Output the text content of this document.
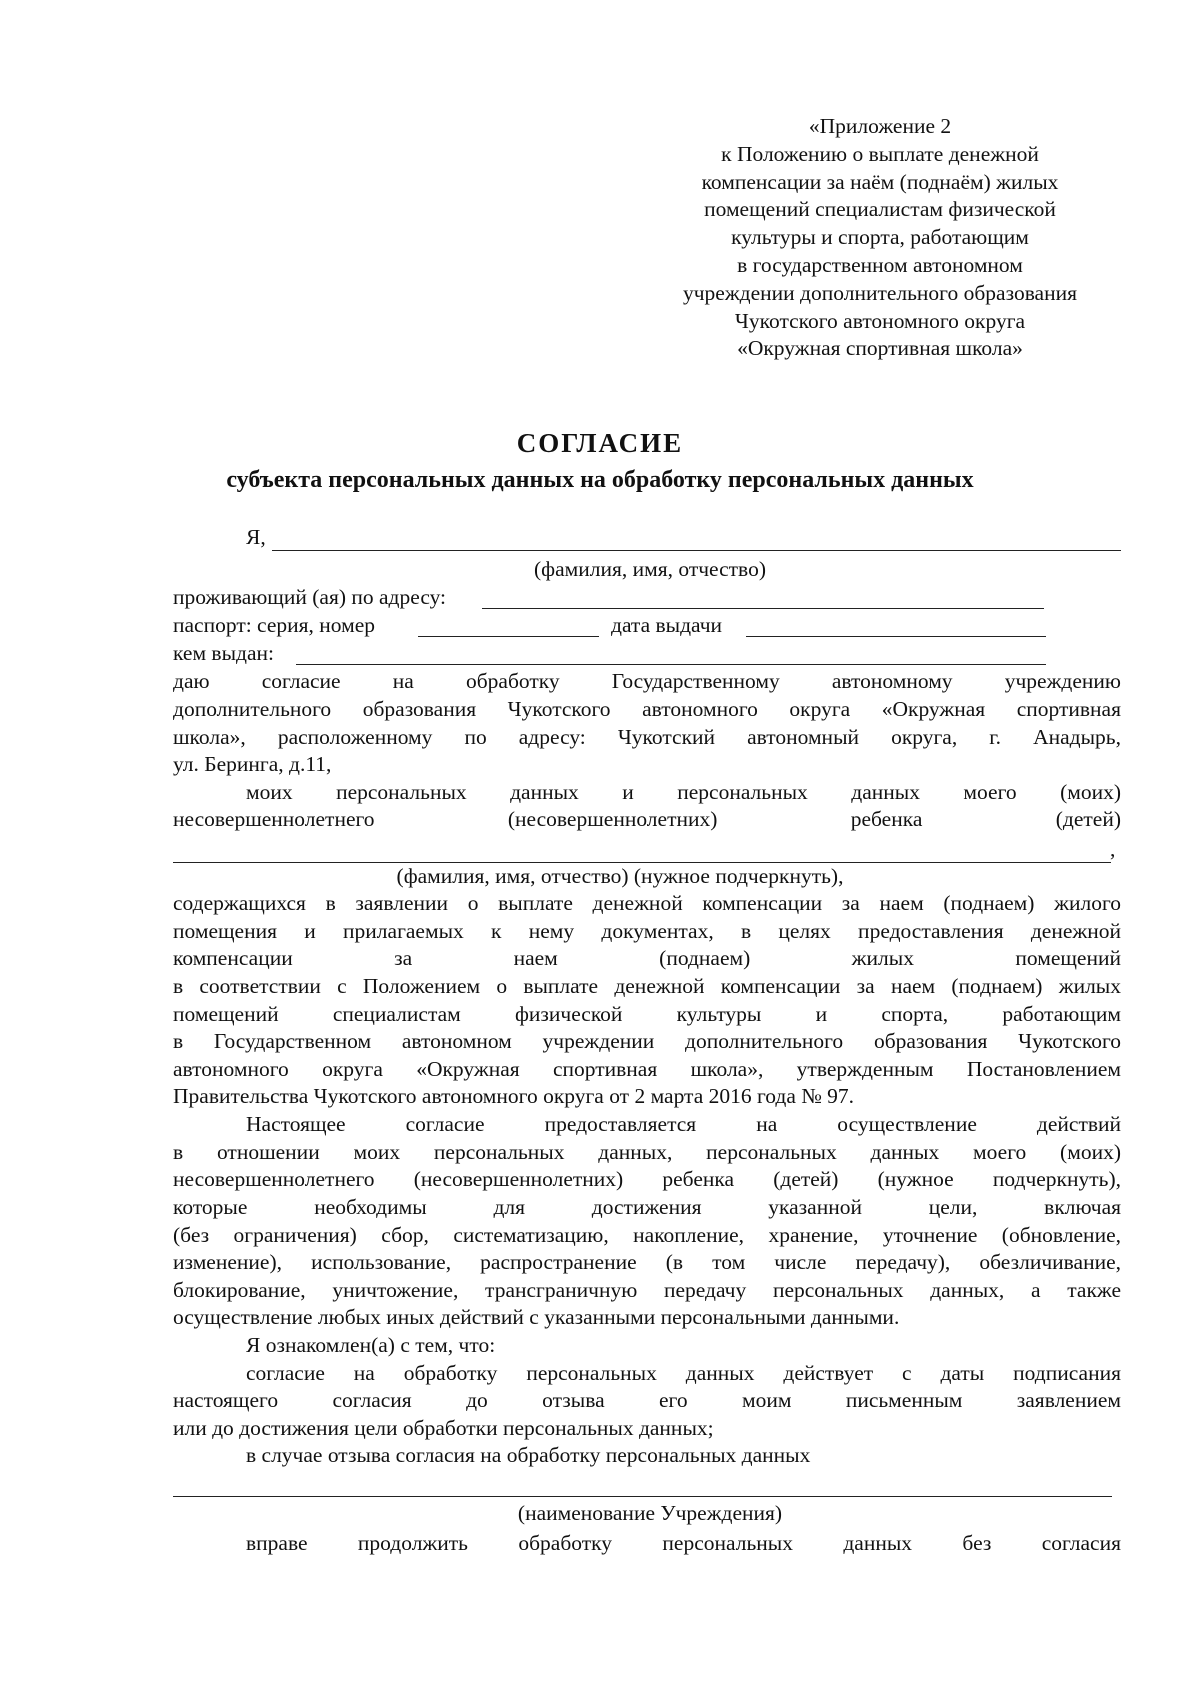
«Приложение 2
к Положению о выплате денежной
компенсации за наём (поднаём) жилых
помещений специалистам физической
культуры и спорта, работающим
в государственном автономном
учреждении дополнительного образования
Чукотского автономного округа
«Окружная спортивная школа»
СОГЛАСИЕ
субъекта персональных данных на обработку персональных данных
Я,
(фамилия, имя, отчество)
проживающий (ая) по адресу:
паспорт: серия, номер	дата выдачи
кем выдан:
даю согласие на обработку Государственному автономному учреждению
дополнительного образования Чукотского автономного округа «Окружная спортивная
школа», расположенному по адресу: Чукотский автономный округа, г. Анадырь,
ул. Беринга, д.11,
моих персональных данных и персональных данных моего (моих)
несовершеннолетнего (несовершеннолетних) ребенка (детей)
,
(фамилия, имя, отчество) (нужное подчеркнуть),
содержащихся в заявлении о выплате денежной компенсации за наем (поднаем) жилого
помещения и прилагаемых к нему документах, в целях предоставления денежной
компенсации за наем (поднаем) жилых помещений
в соответствии с Положением о выплате денежной компенсации за наем (поднаем) жилых
помещений специалистам физической культуры и спорта, работающим
в Государственном автономном учреждении дополнительного образования Чукотского
автономного округа «Окружная спортивная школа», утвержденным Постановлением
Правительства Чукотского автономного округа от 2 марта 2016 года № 97.
Настоящее согласие предоставляется на осуществление действий
в отношении моих персональных данных, персональных данных моего (моих)
несовершеннолетнего (несовершеннолетних) ребенка (детей) (нужное подчеркнуть),
которые необходимы для достижения указанной цели, включая
(без ограничения) сбор, систематизацию, накопление, хранение, уточнение (обновление,
изменение), использование, распространение (в том числе передачу), обезличивание,
блокирование, уничтожение, трансграничную передачу персональных данных, а также
осуществление любых иных действий с указанными персональными данными.
Я ознакомлен(а) с тем, что:
согласие на обработку персональных данных действует с даты подписания
настоящего согласия до отзыва его моим письменным заявлением
или до достижения цели обработки персональных данных;
в случае отзыва согласия на обработку персональных данных
(наименование Учреждения)
вправе продолжить обработку персональных данных без согласия
